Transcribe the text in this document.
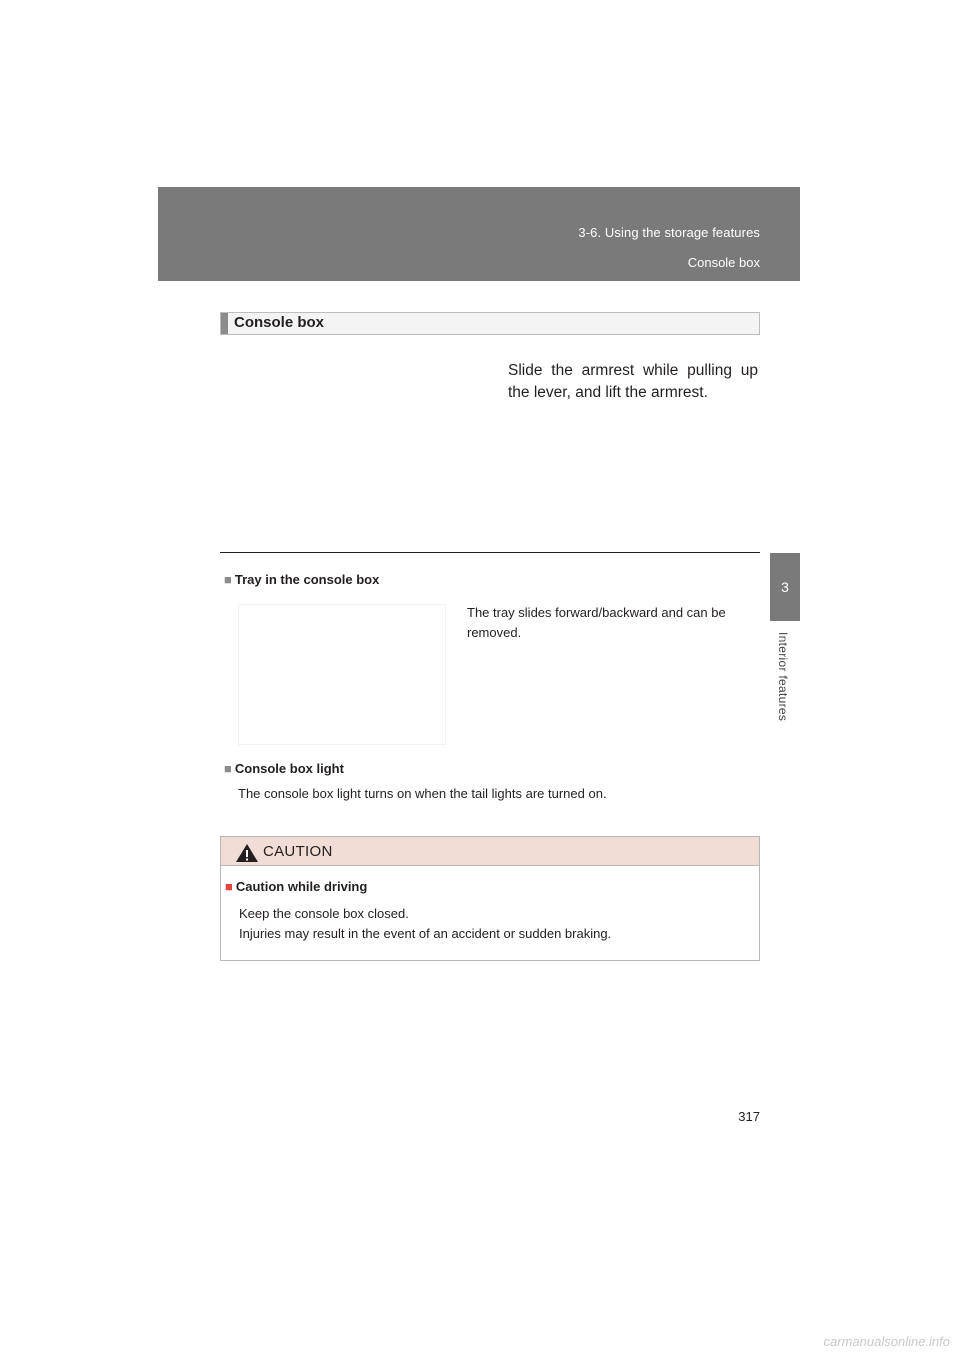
3-6. Using the storage features
Console box
3
Interior features
Console box
Slide the armrest while pulling up the lever, and lift the armrest.
■ Tray in the console box
The tray slides forward/backward and can be removed.
■ Console box light
The console box light turns on when the tail lights are turned on.
CAUTION
■ Caution while driving
Keep the console box closed.
Injuries may result in the event of an accident or sudden braking.
317
carmanualsonline.info
